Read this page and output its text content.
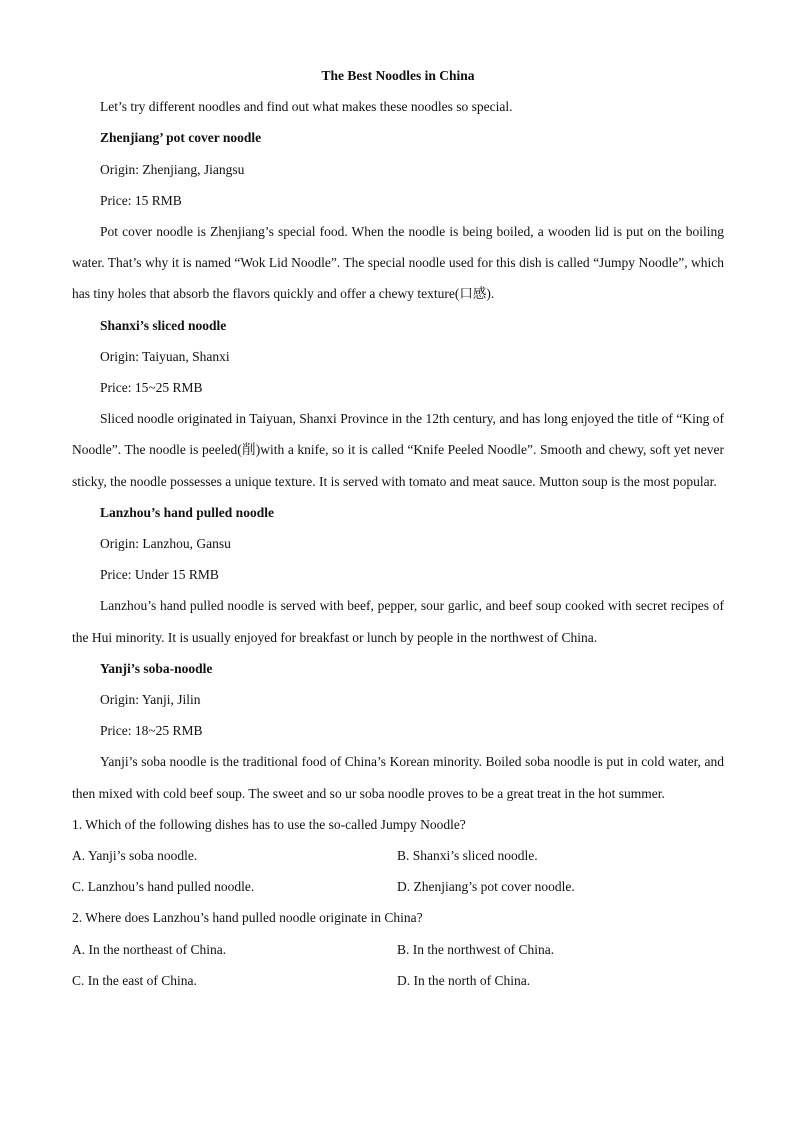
The Best Noodles in China

Let’s try different noodles and find out what makes these noodles so special.

Zhenjiang’ pot cover noodle

Origin: Zhenjiang, Jiangsu

Price: 15 RMB

Pot cover noodle is Zhenjiang’s special food. When the noodle is being boiled, a wooden lid is put on the boiling water. That’s why it is named “Wok Lid Noodle”. The special noodle used for this dish is called “Jumpy Noodle”, which has tiny holes that absorb the flavors quickly and offer a chewy texture(口感).

Shanxi’s sliced noodle

Origin: Taiyuan, Shanxi

Price: 15~25 RMB

Sliced noodle originated in Taiyuan, Shanxi Province in the 12th century, and has long enjoyed the title of “King of Noodle”. The noodle is peeled(削)with a knife, so it is called “Knife Peeled Noodle”. Smooth and chewy, soft yet never sticky, the noodle possesses a unique texture. It is served with tomato and meat sauce. Mutton soup is the most popular.

Lanzhou’s hand pulled noodle

Origin: Lanzhou, Gansu

Price: Under 15 RMB

Lanzhou’s hand pulled noodle is served with beef, pepper, sour garlic, and beef soup cooked with secret recipes of the Hui minority. It is usually enjoyed for breakfast or lunch by people in the northwest of China.

Yanji’s soba-noodle

Origin: Yanji, Jilin

Price: 18~25 RMB

Yanji’s soba noodle is the traditional food of China’s Korean minority. Boiled soba noodle is put in cold water, and then mixed with cold beef soup. The sweet and so ur soba noodle proves to be a great treat in the hot summer.

1. Which of the following dishes has to use the so-called Jumpy Noodle?

A. Yanji’s soba noodle.	B. Shanxi’s sliced noodle.
C. Lanzhou’s hand pulled noodle.	D. Zhenjiang’s pot cover noodle.

2. Where does Lanzhou’s hand pulled noodle originate in China?

A. In the northeast of China.	B. In the northwest of China.
C. In the east of China.	D. In the north of China.
